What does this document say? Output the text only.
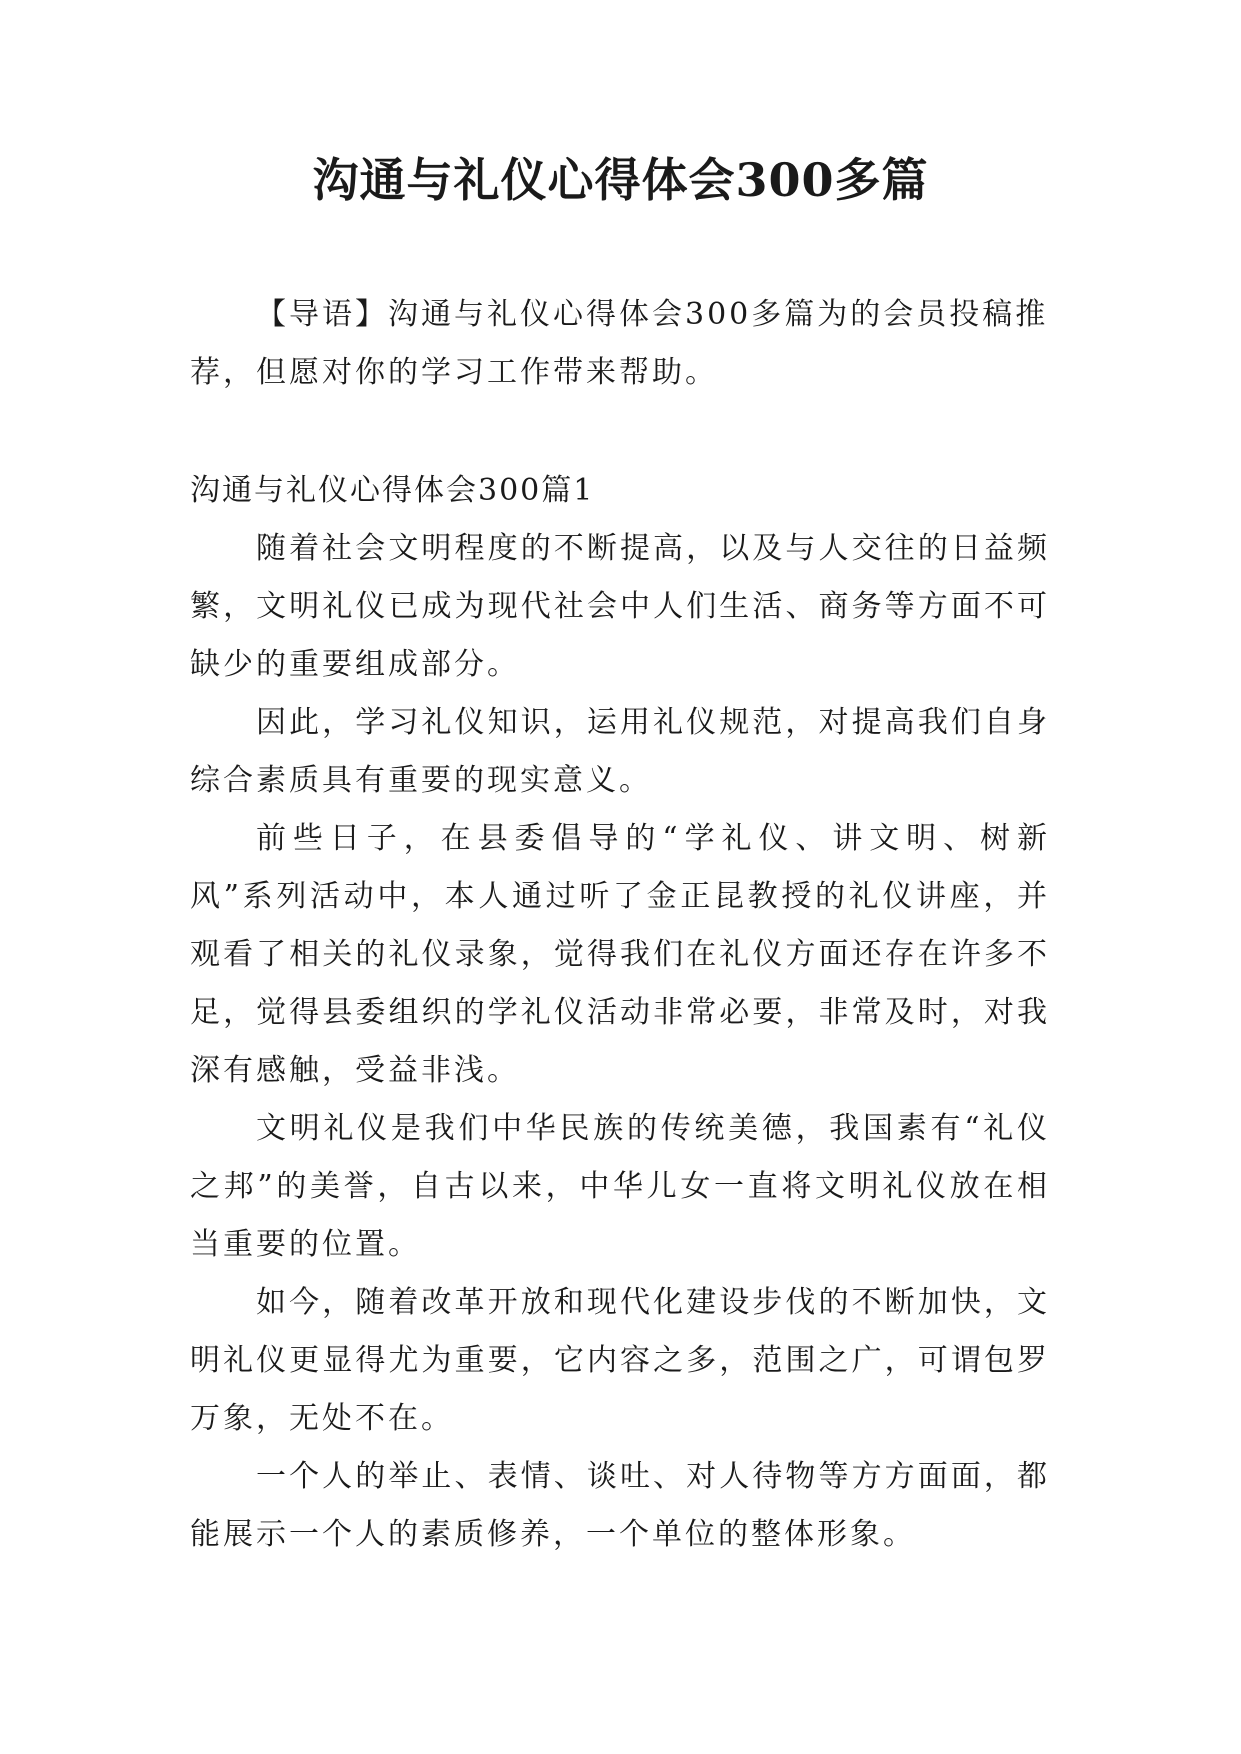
沟通与礼仪心得体会300多篇

【导语】沟通与礼仪心得体会300多篇为的会员投稿推荐，但愿对你的学习工作带来帮助。

沟通与礼仪心得体会300篇1

随着社会文明程度的不断提高，以及与人交往的日益频繁，文明礼仪已成为现代社会中人们生活、商务等方面不可缺少的重要组成部分。

因此，学习礼仪知识，运用礼仪规范，对提高我们自身综合素质具有重要的现实意义。

前些日子，在县委倡导的“学礼仪、讲文明、树新风”系列活动中，本人通过听了金正昆教授的礼仪讲座，并观看了相关的礼仪录象，觉得我们在礼仪方面还存在许多不足，觉得县委组织的学礼仪活动非常必要，非常及时，对我深有感触，受益非浅。

文明礼仪是我们中华民族的传统美德，我国素有“礼仪之邦”的美誉，自古以来，中华儿女一直将文明礼仪放在相当重要的位置。

如今，随着改革开放和现代化建设步伐的不断加快，文明礼仪更显得尤为重要，它内容之多，范围之广，可谓包罗万象，无处不在。

一个人的举止、表情、谈吐、对人待物等方方面面，都能展示一个人的素质修养，一个单位的整体形象。
